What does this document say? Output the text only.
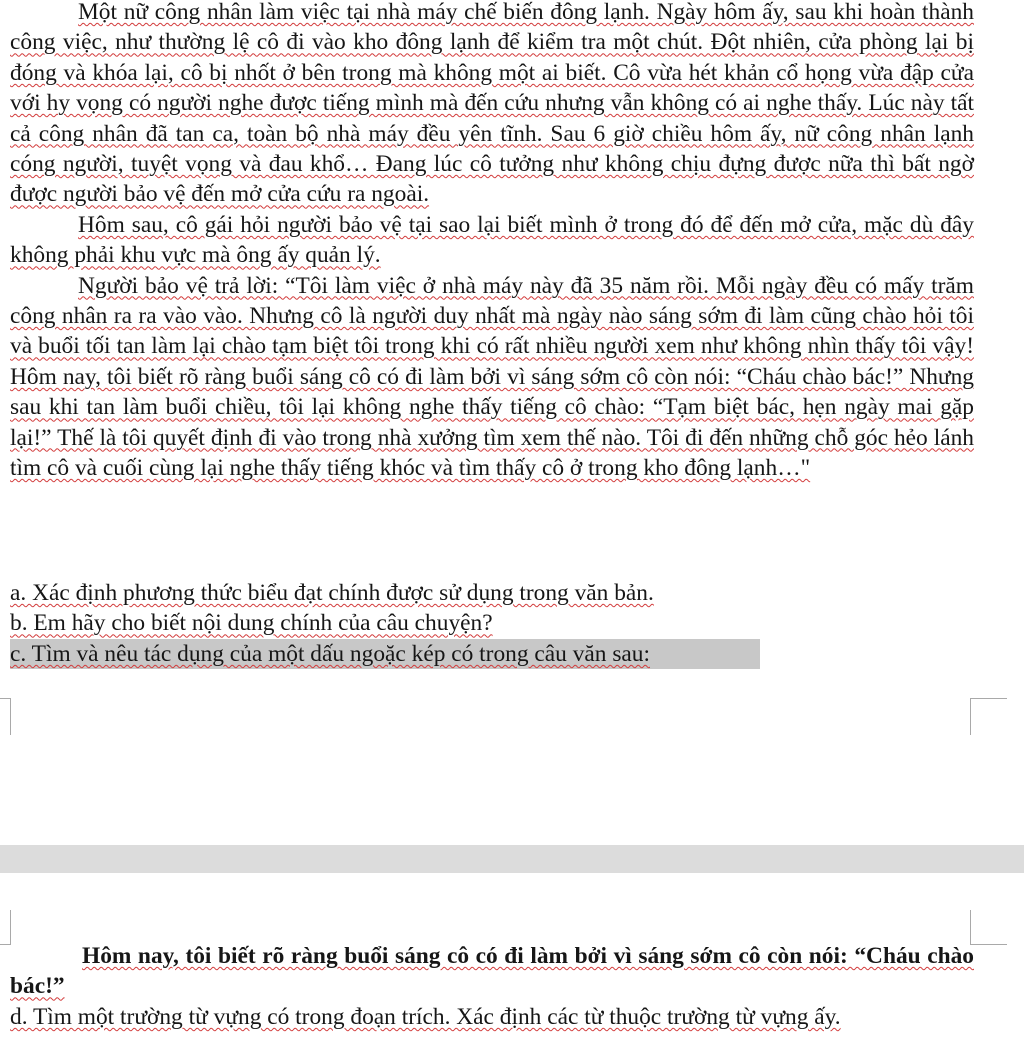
Một nữ công nhân làm việc tại nhà máy chế biến đông lạnh. Ngày hôm ấy, sau khi hoàn thành công việc, như thường lệ cô đi vào kho đông lạnh để kiểm tra một chút. Đột nhiên, cửa phòng lại bị đóng và khóa lại, cô bị nhốt ở bên trong mà không một ai biết. Cô vừa hét khản cổ họng vừa đập cửa với hy vọng có người nghe được tiếng mình mà đến cứu nhưng vẫn không có ai nghe thấy. Lúc này tất cả công nhân đã tan ca, toàn bộ nhà máy đều yên tĩnh. Sau 6 giờ chiều hôm ấy, nữ công nhân lạnh cóng người, tuyệt vọng và đau khổ… Đang lúc cô tưởng như không chịu đựng được nữa thì bất ngờ được người bảo vệ đến mở cửa cứu ra ngoài.

Hôm sau, cô gái hỏi người bảo vệ tại sao lại biết mình ở trong đó để đến mở cửa, mặc dù đây không phải khu vực mà ông ấy quản lý.

Người bảo vệ trả lời: “Tôi làm việc ở nhà máy này đã 35 năm rồi. Mỗi ngày đều có mấy trăm công nhân ra ra vào vào. Nhưng cô là người duy nhất mà ngày nào sáng sớm đi làm cũng chào hỏi tôi và buổi tối tan làm lại chào tạm biệt tôi trong khi có rất nhiều người xem như không nhìn thấy tôi vậy! Hôm nay, tôi biết rõ ràng buổi sáng cô có đi làm bởi vì sáng sớm cô còn nói: “Cháu chào bác!” Nhưng sau khi tan làm buổi chiều, tôi lại không nghe thấy tiếng cô chào: “Tạm biệt bác, hẹn ngày mai gặp lại!” Thế là tôi quyết định đi vào trong nhà xưởng tìm xem thế nào. Tôi đi đến những chỗ góc hẻo lánh tìm cô và cuối cùng lại nghe thấy tiếng khóc và tìm thấy cô ở trong kho đông lạnh…"

a. Xác định phương thức biểu đạt chính được sử dụng trong văn bản.

b. Em hãy cho biết nội dung chính của câu chuyện?

c. Tìm và nêu tác dụng của một dấu ngoặc kép có trong câu văn sau:

Hôm nay, tôi biết rõ ràng buổi sáng cô có đi làm bởi vì sáng sớm cô còn nói: “Cháu chào bác!”

d. Tìm một trường từ vựng có trong đoạn trích. Xác định các từ thuộc trường từ vựng ấy.
